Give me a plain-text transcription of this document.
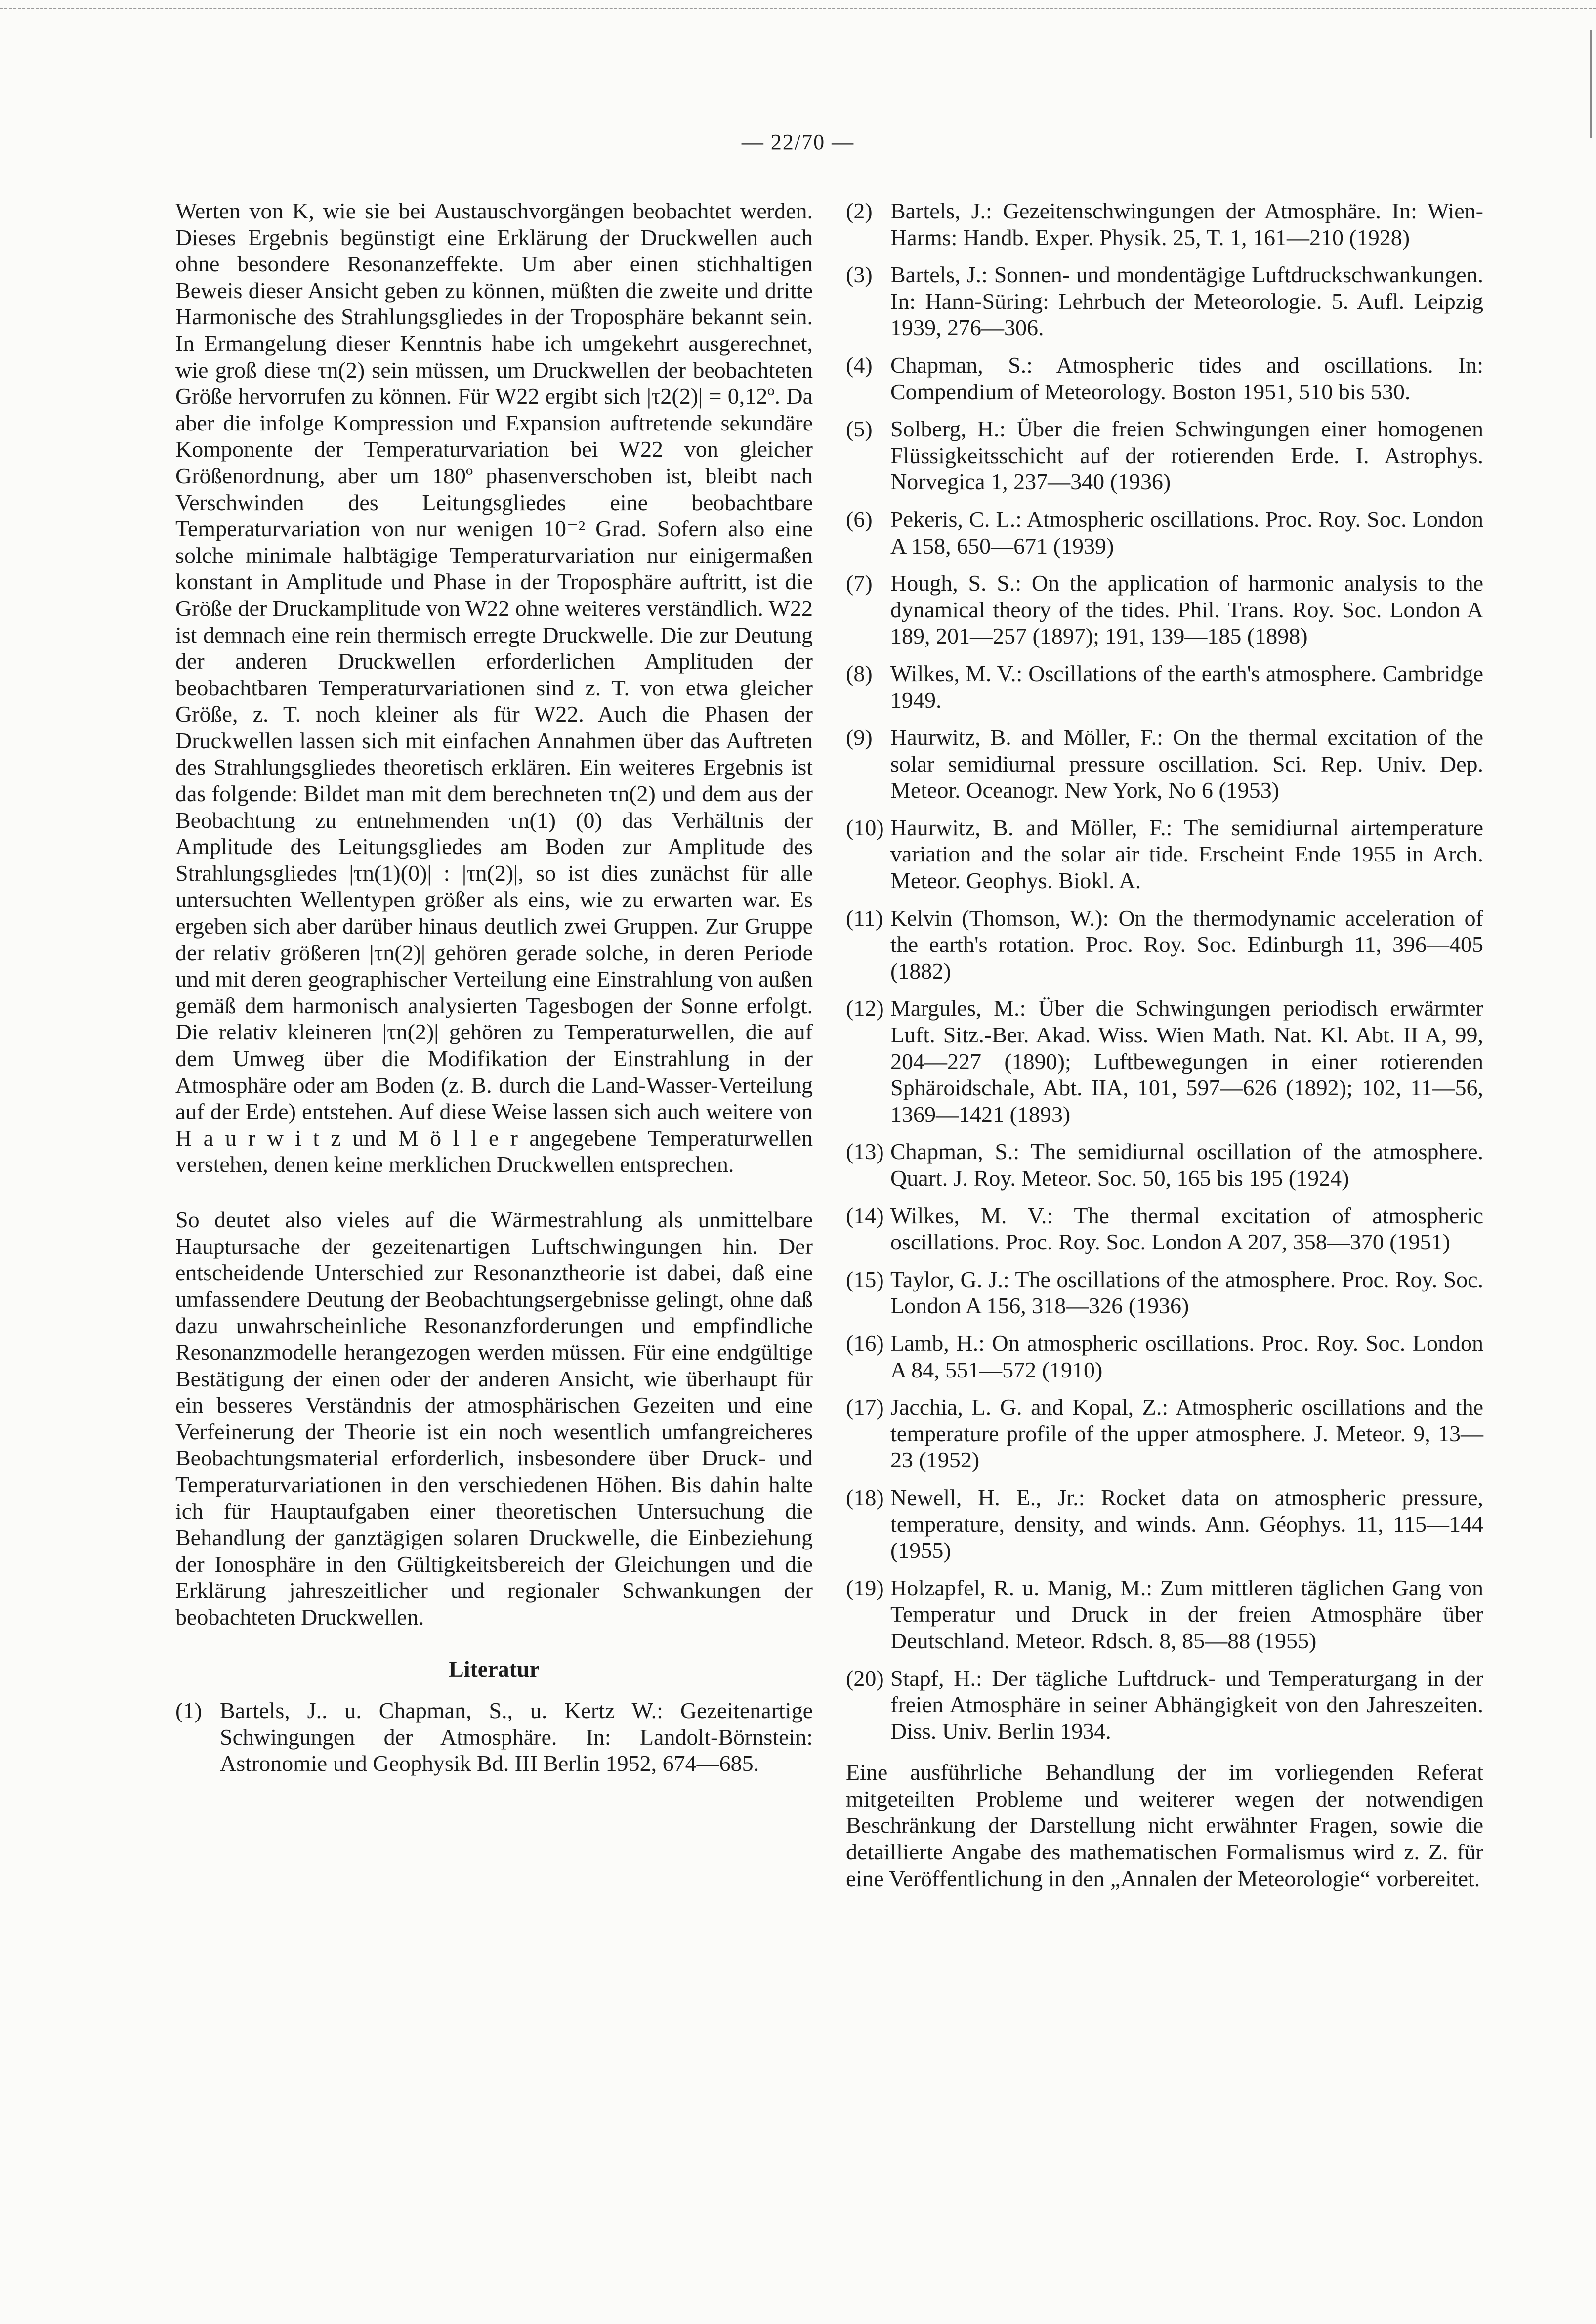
— 22/70 —

Werten von K, wie sie bei Austauschvorgängen beobachtet werden. Dieses Ergebnis begünstigt eine Erklärung der Druckwellen auch ohne besondere Resonanzeffekte. Um aber einen stichhaltigen Beweis dieser Ansicht geben zu können, müßten die zweite und dritte Harmonische des Strahlungsgliedes in der Troposphäre bekannt sein. In Ermangelung dieser Kenntnis habe ich umgekehrt ausgerechnet, wie groß diese τn(2) sein müssen, um Druckwellen der beobachteten Größe hervorrufen zu können. Für W22 ergibt sich |τ2(2)| = 0,12º. Da aber die infolge Kompression und Expansion auftretende sekundäre Komponente der Temperaturvariation bei W22 von gleicher Größenordnung, aber um 180º phasenverschoben ist, bleibt nach Verschwinden des Leitungsgliedes eine beobachtbare Temperaturvariation von nur wenigen 10⁻² Grad. Sofern also eine solche minimale halbtägige Temperaturvariation nur einigermaßen konstant in Amplitude und Phase in der Troposphäre auftritt, ist die Größe der Druckamplitude von W22 ohne weiteres verständlich. W22 ist demnach eine rein thermisch erregte Druckwelle. Die zur Deutung der anderen Druckwellen erforderlichen Amplituden der beobachtbaren Temperaturvariationen sind z. T. von etwa gleicher Größe, z. T. noch kleiner als für W22. Auch die Phasen der Druckwellen lassen sich mit einfachen Annahmen über das Auftreten des Strahlungsgliedes theoretisch erklären. Ein weiteres Ergebnis ist das folgende: Bildet man mit dem berechneten τn(2) und dem aus der Beobachtung zu entnehmenden τn(1) (0) das Verhältnis der Amplitude des Leitungsgliedes am Boden zur Amplitude des Strahlungsgliedes |τn(1)(0)| : |τn(2)|, so ist dies zunächst für alle untersuchten Wellentypen größer als eins, wie zu erwarten war. Es ergeben sich aber darüber hinaus deutlich zwei Gruppen. Zur Gruppe der relativ größeren |τn(2)| gehören gerade solche, in deren Periode und mit deren geographischer Verteilung eine Einstrahlung von außen gemäß dem harmonisch analysierten Tagesbogen der Sonne erfolgt. Die relativ kleineren |τn(2)| gehören zu Temperaturwellen, die auf dem Umweg über die Modifikation der Einstrahlung in der Atmosphäre oder am Boden (z. B. durch die Land-Wasser-Verteilung auf der Erde) entstehen. Auf diese Weise lassen sich auch weitere von H a u r w i t z und M ö l l e r angegebene Temperaturwellen verstehen, denen keine merklichen Druckwellen entsprechen.

So deutet also vieles auf die Wärmestrahlung als unmittelbare Hauptursache der gezeitenartigen Luftschwingungen hin. Der entscheidende Unterschied zur Resonanztheorie ist dabei, daß eine umfassendere Deutung der Beobachtungsergebnisse gelingt, ohne daß dazu unwahrscheinliche Resonanzforderungen und empfindliche Resonanzmodelle herangezogen werden müssen. Für eine endgültige Bestätigung der einen oder der anderen Ansicht, wie überhaupt für ein besseres Verständnis der atmosphärischen Gezeiten und eine Verfeinerung der Theorie ist ein noch wesentlich umfangreicheres Beobachtungsmaterial erforderlich, insbesondere über Druck- und Temperaturvariationen in den verschiedenen Höhen. Bis dahin halte ich für Hauptaufgaben einer theoretischen Untersuchung die Behandlung der ganztägigen solaren Druckwelle, die Einbeziehung der Ionosphäre in den Gültigkeitsbereich der Gleichungen und die Erklärung jahreszeitlicher und regionaler Schwankungen der beobachteten Druckwellen.

Literatur
(1) Bartels, J.. u. Chapman, S., u. Kertz W.: Gezeitenartige Schwingungen der Atmosphäre. In: Landolt-Börnstein: Astronomie und Geophysik Bd. III Berlin 1952, 674—685.
(2) Bartels, J.: Gezeitenschwingungen der Atmosphäre. In: Wien-Harms: Handb. Exper. Physik. 25, T. 1, 161—210 (1928)
(3) Bartels, J.: Sonnen- und mondentägige Luftdruckschwankungen. In: Hann-Süring: Lehrbuch der Meteorologie. 5. Aufl. Leipzig 1939, 276—306.
(4) Chapman, S.: Atmospheric tides and oscillations. In: Compendium of Meteorology. Boston 1951, 510 bis 530.
(5) Solberg, H.: Über die freien Schwingungen einer homogenen Flüssigkeitsschicht auf der rotierenden Erde. I. Astrophys. Norvegica 1, 237—340 (1936)
(6) Pekeris, C. L.: Atmospheric oscillations. Proc. Roy. Soc. London A 158, 650—671 (1939)
(7) Hough, S. S.: On the application of harmonic analysis to the dynamical theory of the tides. Phil. Trans. Roy. Soc. London A 189, 201—257 (1897); 191, 139—185 (1898)
(8) Wilkes, M. V.: Oscillations of the earth's atmosphere. Cambridge 1949.
(9) Haurwitz, B. and Möller, F.: On the thermal excitation of the solar semidiurnal pressure oscillation. Sci. Rep. Univ. Dep. Meteor. Oceanogr. New York, No 6 (1953)
(10) Haurwitz, B. and Möller, F.: The semidiurnal airtemperature variation and the solar air tide. Erscheint Ende 1955 in Arch. Meteor. Geophys. Biokl. A.
(11) Kelvin (Thomson, W.): On the thermodynamic acceleration of the earth's rotation. Proc. Roy. Soc. Edinburgh 11, 396—405 (1882)
(12) Margules, M.: Über die Schwingungen periodisch erwärmter Luft. Sitz.-Ber. Akad. Wiss. Wien Math. Nat. Kl. Abt. II A, 99, 204—227 (1890); Luftbewegungen in einer rotierenden Sphäroidschale, Abt. IIA, 101, 597—626 (1892); 102, 11—56, 1369—1421 (1893)
(13) Chapman, S.: The semidiurnal oscillation of the atmosphere. Quart. J. Roy. Meteor. Soc. 50, 165 bis 195 (1924)
(14) Wilkes, M. V.: The thermal excitation of atmospheric oscillations. Proc. Roy. Soc. London A 207, 358—370 (1951)
(15) Taylor, G. J.: The oscillations of the atmosphere. Proc. Roy. Soc. London A 156, 318—326 (1936)
(16) Lamb, H.: On atmospheric oscillations. Proc. Roy. Soc. London A 84, 551—572 (1910)
(17) Jacchia, L. G. and Kopal, Z.: Atmospheric oscillations and the temperature profile of the upper atmosphere. J. Meteor. 9, 13—23 (1952)
(18) Newell, H. E., Jr.: Rocket data on atmospheric pressure, temperature, density, and winds. Ann. Géophys. 11, 115—144 (1955)
(19) Holzapfel, R. u. Manig, M.: Zum mittleren täglichen Gang von Temperatur und Druck in der freien Atmosphäre über Deutschland. Meteor. Rdsch. 8, 85—88 (1955)
(20) Stapf, H.: Der tägliche Luftdruck- und Temperaturgang in der freien Atmosphäre in seiner Abhängigkeit von den Jahreszeiten. Diss. Univ. Berlin 1934.

Eine ausführliche Behandlung der im vorliegenden Referat mitgeteilten Probleme und weiterer wegen der notwendigen Beschränkung der Darstellung nicht erwähnter Fragen, sowie die detaillierte Angabe des mathematischen Formalismus wird z. Z. für eine Veröffentlichung in den „Annalen der Meteorologie“ vorbereitet.
